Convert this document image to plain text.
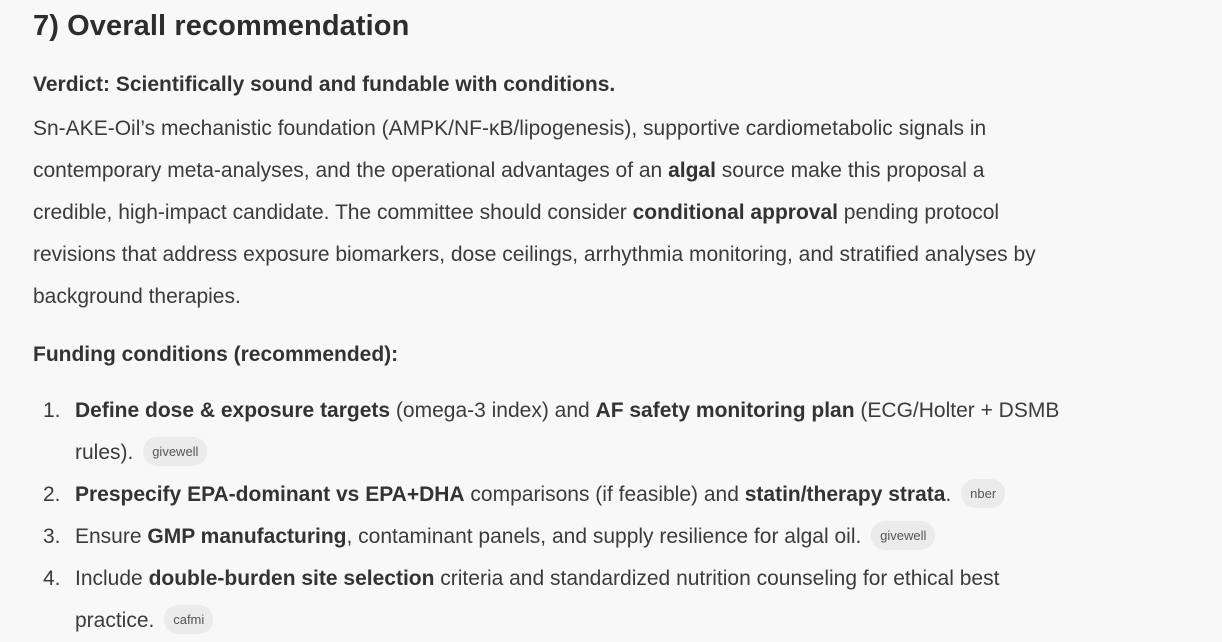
7) Overall recommendation
Verdict: Scientifically sound and fundable with conditions.
Sn-AKE-Oil’s mechanistic foundation (AMPK/NF-κB/lipogenesis), supportive cardiometabolic signals in
contemporary meta-analyses, and the operational advantages of an algal source make this proposal a
credible, high-impact candidate. The committee should consider conditional approval pending protocol
revisions that address exposure biomarkers, dose ceilings, arrhythmia monitoring, and stratified analyses by
background therapies.
Funding conditions (recommended):
1. Define dose & exposure targets (omega-3 index) and AF safety monitoring plan (ECG/Holter + DSMB
rules). givewell
2. Prespecify EPA-dominant vs EPA+DHA comparisons (if feasible) and statin/therapy strata. nber
3. Ensure GMP manufacturing, contaminant panels, and supply resilience for algal oil. givewell
4. Include double-burden site selection criteria and standardized nutrition counseling for ethical best
practice. cafmi
